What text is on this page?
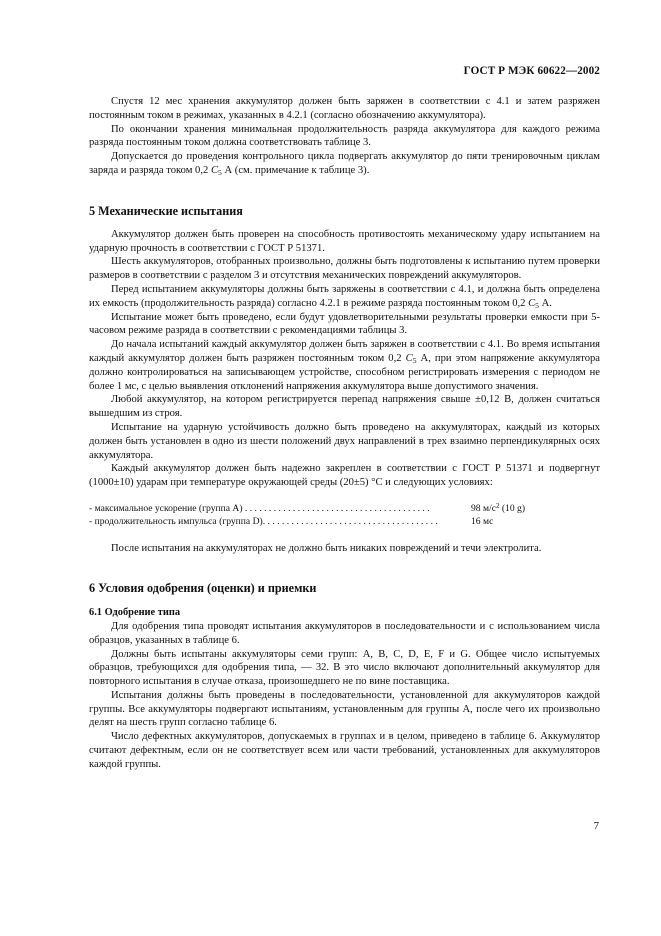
ГОСТ Р МЭК 60622—2002

Спустя 12 мес хранения аккумулятор должен быть заряжен в соответствии с 4.1 и затем разряжен постоянным током в режимах, указанных в 4.2.1 (согласно обозначению аккумулятора).

По окончании хранения минимальная продолжительность разряда аккумулятора для каждого режима разряда постоянным током должна соответствовать таблице 3.

Допускается до проведения контрольного цикла подвергать аккумулятор до пяти тренировочным циклам заряда и разряда током 0,2 $C_5$ А (см. примечание к таблице 3).

5 Механические испытания

Аккумулятор должен быть проверен на способность противостоять механическому удару испытанием на ударную прочность в соответствии с ГОСТ Р 51371.

Шесть аккумуляторов, отобранных произвольно, должны быть подготовлены к испытанию путем проверки размеров в соответствии с разделом 3 и отсутствия механических повреждений аккумуляторов.

Перед испытанием аккумуляторы должны быть заряжены в соответствии с 4.1, и должна быть определена их емкость (продолжительность разряда) согласно 4.2.1 в режиме разряда постоянным током 0,2 $C_5$ А.

Испытание может быть проведено, если будут удовлетворительными результаты проверки емкости при 5-часовом режиме разряда в соответствии с рекомендациями таблицы 3.

До начала испытаний каждый аккумулятор должен быть заряжен в соответствии с 4.1. Во время испытания каждый аккумулятор должен быть разряжен постоянным током 0,2 $C_5$ А, при этом напряжение аккумулятора должно контролироваться на записывающем устройстве, способном регистрировать измерения с периодом не более 1 мс, с целью выявления отклонений напряжения аккумулятора выше допустимого значения.

Любой аккумулятор, на котором регистрируется перепад напряжения свыше ±0,12 В, должен считаться вышедшим из строя.

Испытание на ударную устойчивость должно быть проведено на аккумуляторах, каждый из которых должен быть установлен в одно из шести положений двух направлений в трех взаимно перпендикулярных осях аккумулятора.

Каждый аккумулятор должен быть надежно закреплен в соответствии с ГОСТ Р 51371 и подвергнут (1000±10) ударам при температуре окружающей среды (20±5) °С и следующих условиях:

- максимальное ускорение (группа А) . . . . . . . . . . . . . . . . . . . . . . . . . . . . . . . . . . . . . . .	98 $м/с^2$ (10 g)
- продолжительность импульса (группа D). . . . . . . . . . . . . . . . . . . . . . . . . . . . . . . . . . . . .	16 мс

После испытания на аккумуляторах не должно быть никаких повреждений и течи электролита.

6 Условия одобрения (оценки) и приемки
6.1 Одобрение типа

Для одобрения типа проводят испытания аккумуляторов в последовательности и с использованием числа образцов, указанных в таблице 6.

Должны быть испытаны аккумуляторы семи групп: A, B, C, D, E, F и G. Общее число испытуемых образцов, требующихся для одобрения типа, — 32. В это число включают дополнительный аккумулятор для повторного испытания в случае отказа, произошедшего не по вине поставщика.

Испытания должны быть проведены в последовательности, установленной для аккумуляторов каждой группы. Все аккумуляторы подвергают испытаниям, установленным для группы А, после чего их произвольно делят на шесть групп согласно таблице 6.

Число дефектных аккумуляторов, допускаемых в группах и в целом, приведено в таблице 6. Аккумулятор считают дефектным, если он не соответствует всем или части требований, установленных для аккумуляторов каждой группы.

7
